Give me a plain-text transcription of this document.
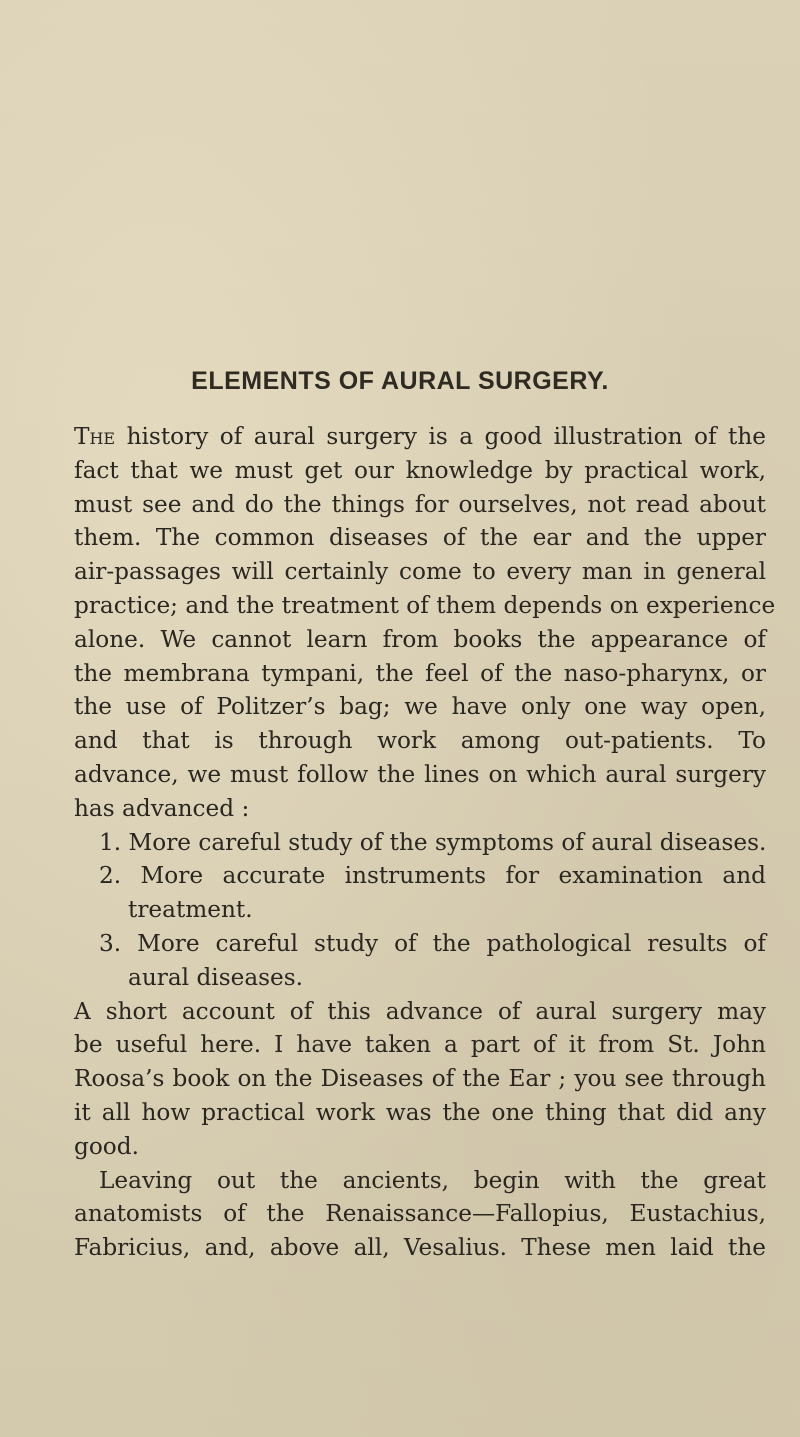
ELEMENTS OF AURAL SURGERY.
The history of aural surgery is a good illustration of the
fact that we must get our knowledge by practical work,
must see and do the things for ourselves, not read about
them. The common diseases of the ear and the upper
air-passages will certainly come to every man in general
practice; and the treatment of them depends on experience
alone. We cannot learn from books the appearance of
the membrana tympani, the feel of the naso-pharynx, or
the use of Politzer’s bag; we have only one way open,
and that is through work among out-patients. To
advance, we must follow the lines on which aural surgery
has advanced :
1. More careful study of the symptoms of aural diseases.
2. More accurate instruments for examination and
treatment.
3. More careful study of the pathological results of
aural diseases.
A short account of this advance of aural surgery may
be useful here. I have taken a part of it from St. John
Roosa’s book on the Diseases of the Ear ; you see through
it all how practical work was the one thing that did any
good.
Leaving out the ancients, begin with the great
anatomists of the Renaissance—Fallopius, Eustachius,
Fabricius, and, above all, Vesalius. These men laid the
